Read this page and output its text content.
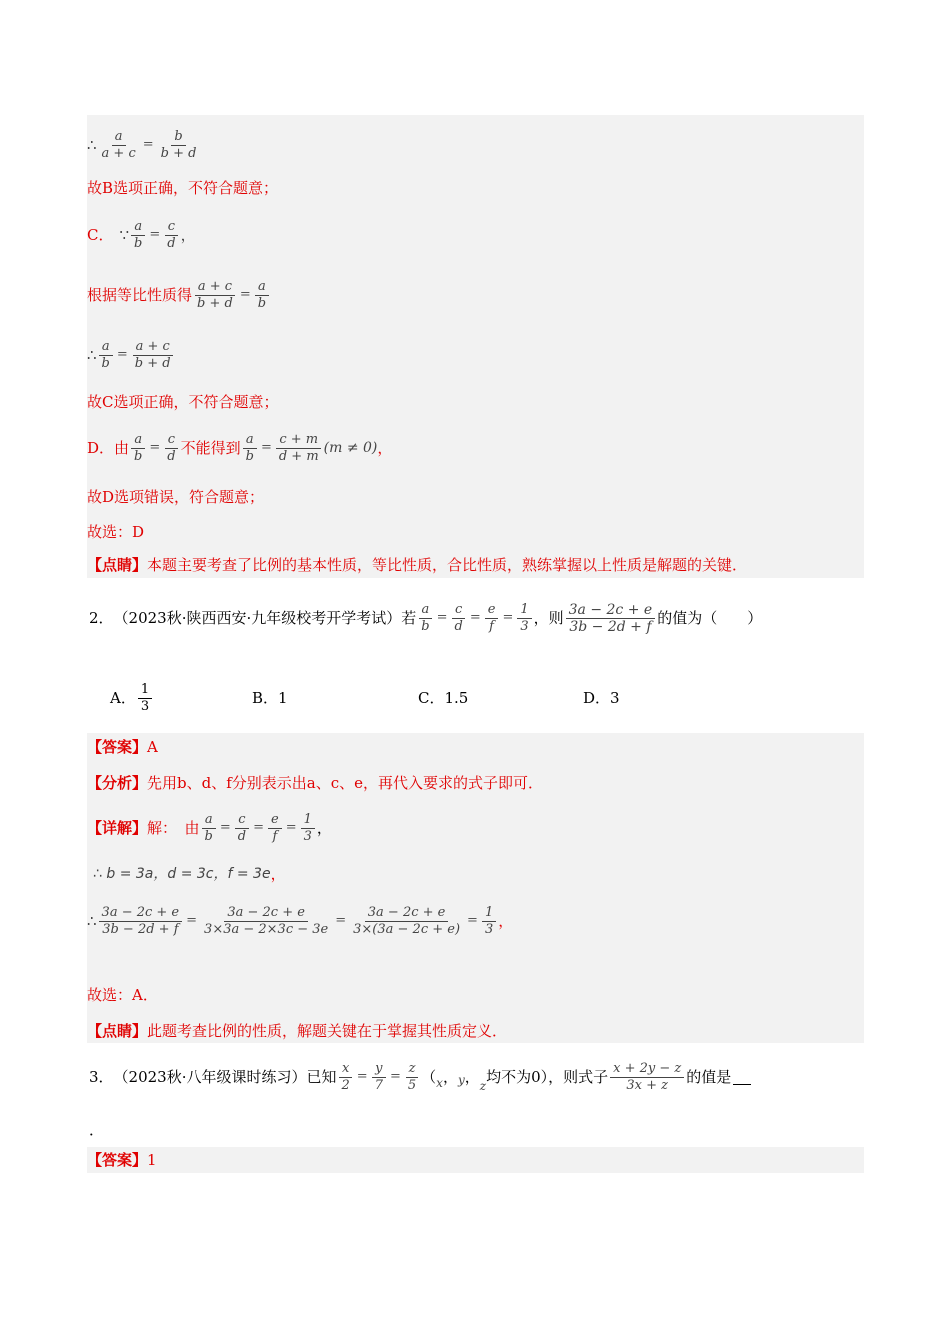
∴ $\frac{a}{a + c} = \frac{b}{b + d}$
故B选项正确，不符合题意；
C． ∵ $\frac{a}{b} = \frac{c}{d}$ ，
根据等比性质得 $\frac{a + c}{b + d} = \frac{a}{b}$
∴ $\frac{a}{b} = \frac{a + c}{b + d}$
故C选项正确，不符合题意；
D．由 $\frac{a}{b} = \frac{c}{d}$ 不能得到 $\frac{a}{b} = \frac{c + m}{d + m} (m \ne 0)$ ，
故D选项错误，符合题意；
故选：D
【点睛】 本题主要考查了比例的基本性质，等比性质，合比性质，熟练掌握以上性质是解题的关键．
2． （2023秋·陕西西安·九年级校考开学考试）若 $\frac{a}{b} = \frac{c}{d} = \frac{e}{f} = \frac{1}{3}$ ，则 $\frac{3a - 2c + e}{3b - 2d + f}$ 的值为（　　）
A． $\frac{1}{3}$	B．1	C．1.5	D．3
【答案】 A
【分析】 先用b、d、f分别表示出a、c、e，再代入要求的式子即可．
【详解】 解：　由 $\frac{a}{b} = \frac{c}{d} = \frac{e}{f} = \frac{1}{3}$ ，
∴ b = 3a，d = 3c，f = 3e ，
∴ $\frac{3a - 2c + e}{3b - 2d + f} = \frac{3a - 2c + e}{3\times 3a - 2\times 3c - 3e} = \frac{3a - 2c + e}{3\times(3a - 2c + e)} = \frac{1}{3}$ ，
故选：A．
【点睛】 此题考查比例的性质，解题关键在于掌握其性质定义．
3． （2023秋·八年级课时练习）已知 $\frac{x}{2} = \frac{y}{7} = \frac{z}{5}$ （ x ， y ， z 均不为0），则式子 $\frac{x + 2y - z}{3x + z}$ 的值是
．
【答案】 1
